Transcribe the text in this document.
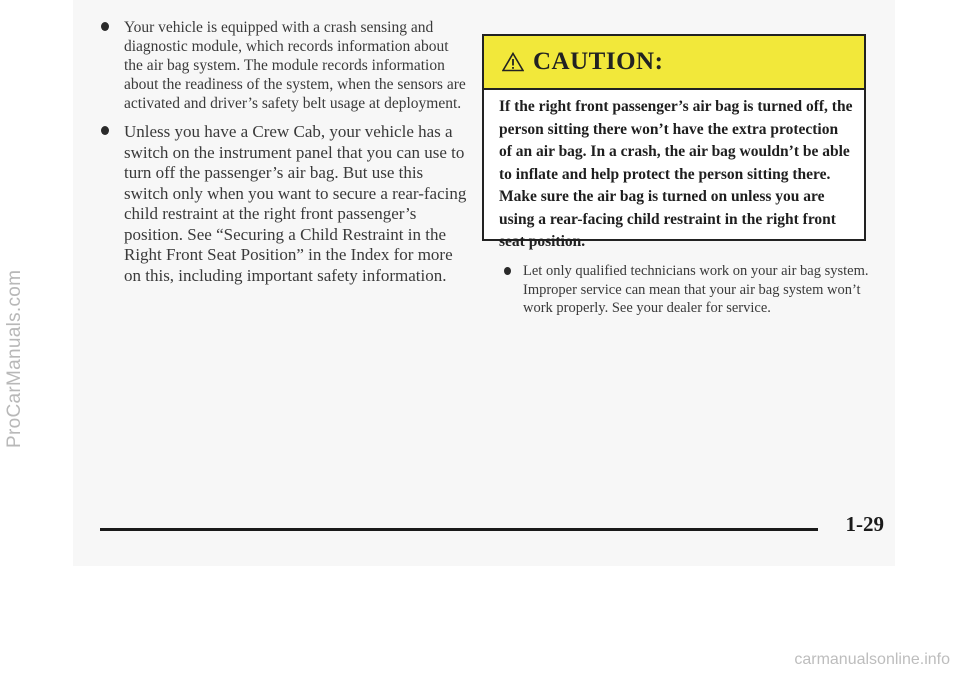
ProCarManuals.com
carmanualsonline.info
Your vehicle is equipped with a crash sensing and diagnostic module, which records information about the air bag system. The module records information about the readiness of the system, when the sensors are activated and driver’s safety belt usage at deployment.
Unless you have a Crew Cab, your vehicle has a switch on the instrument panel that you can use to turn off the passenger’s air bag. But use this switch only when you want to secure a rear-facing child restraint at the right front passenger’s position. See “Securing a Child Restraint in the Right Front Seat Position” in the Index for more on this, including important safety information.
CAUTION:
If the right front passenger’s air bag is turned off, the person sitting there won’t have the extra protection of an air bag. In a crash, the air bag wouldn’t be able to inflate and help protect the person sitting there. Make sure the air bag is turned on unless you are using a rear-facing child restraint in the right front seat position.
Let only qualified technicians work on your air bag system. Improper service can mean that your air bag system won’t work properly. See your dealer for service.
1-29
